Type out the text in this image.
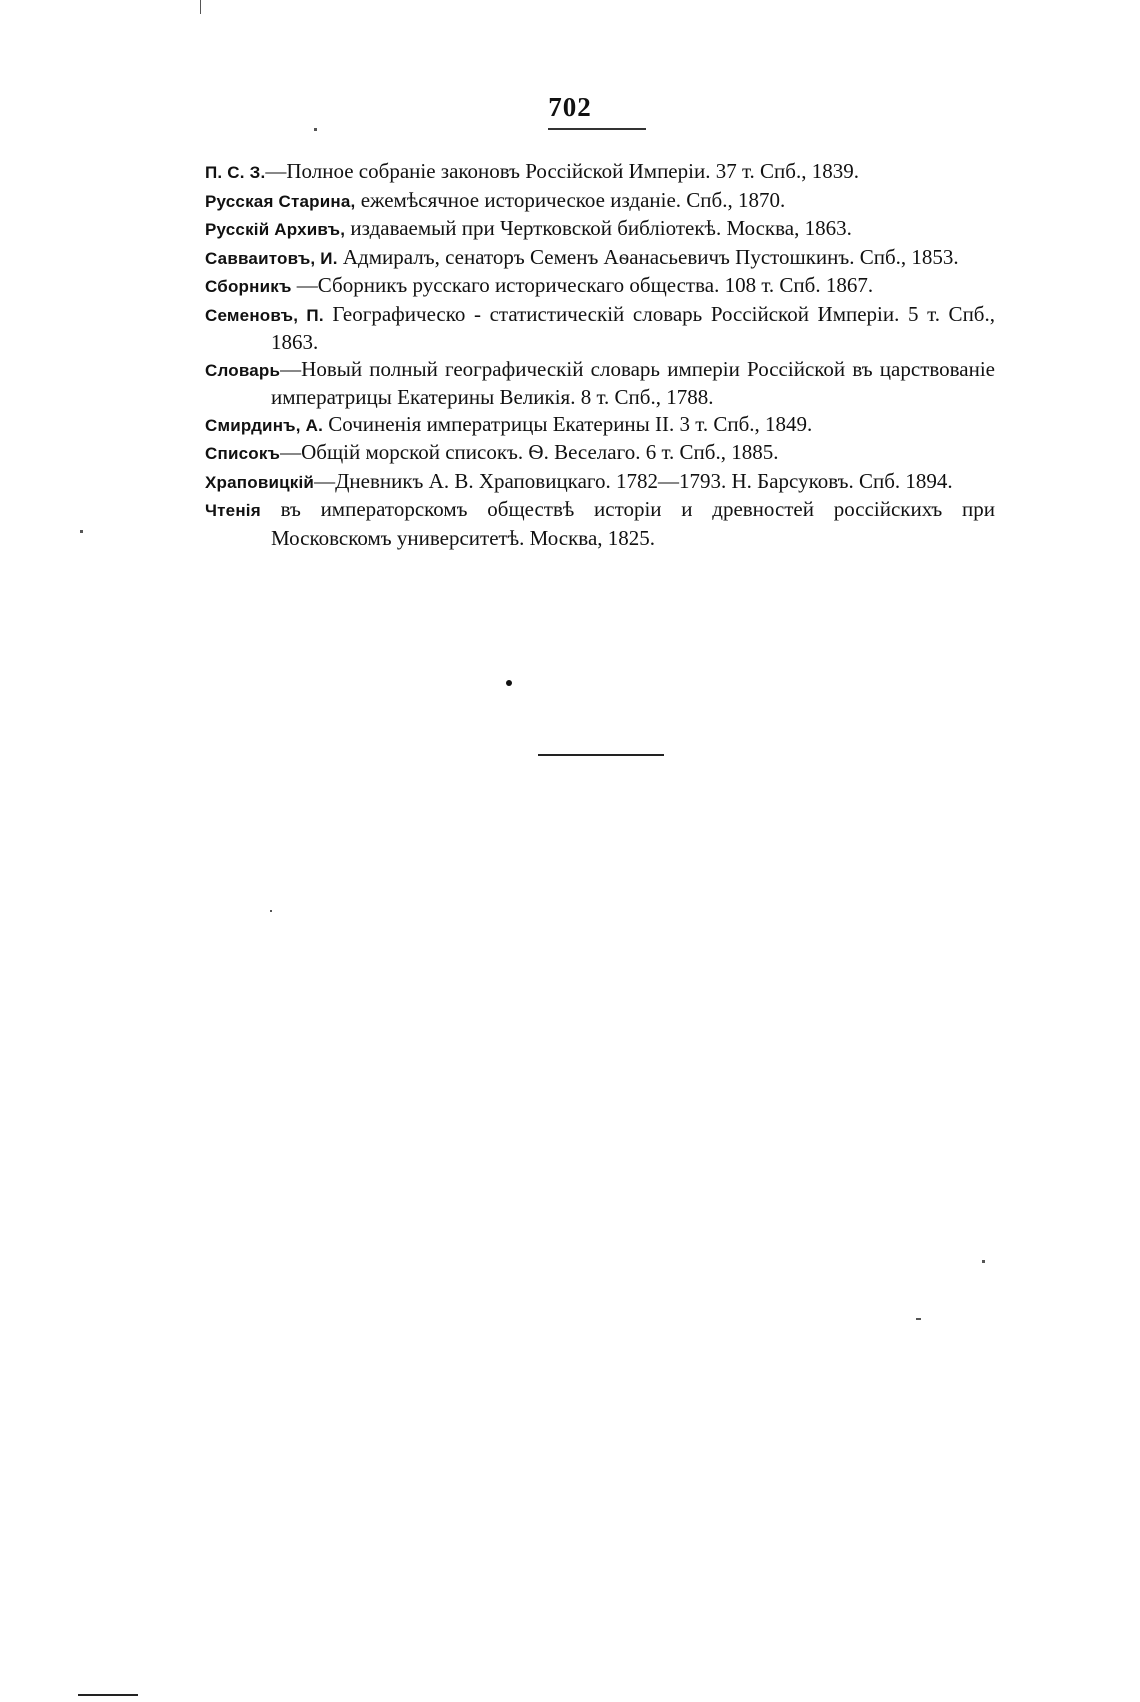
702
П. С. З.—Полное собраніе законовъ Россійской Имперіи. 37 т. Спб., 1839.
Русская Старина, ежемѣсячное историческое изданіе. Спб., 1870.
Русскій Архивъ, издаваемый при Чертковской библіотекѣ. Москва, 1863.
Савваитовъ, И. Адмиралъ, сенаторъ Семенъ Аѳанасьевичъ Пустошкинъ. Спб., 1853.
Сборникъ —Сборникъ русскаго историческаго общества. 108 т. Спб. 1867.
Семеновъ, П. Географическо - статистическій словарь Россійской Имперіи. 5 т. Спб., 1863.
Словарь—Новый полный географическій словарь имперіи Россійской въ царствованіе императрицы Екатерины Великія. 8 т. Спб., 1788.
Смирдинъ, А. Сочиненія императрицы Екатерины II. 3 т. Спб., 1849.
Списокъ—Общій морской списокъ. Ѳ. Веселаго. 6 т. Спб., 1885.
Храповицкій—Дневникъ А. В. Храповицкаго. 1782—1793. Н. Барсуковъ. Спб. 1894.
Чтенія въ императорскомъ обществѣ исторіи и древностей россійскихъ при Московскомъ университетѣ. Москва, 1825.
